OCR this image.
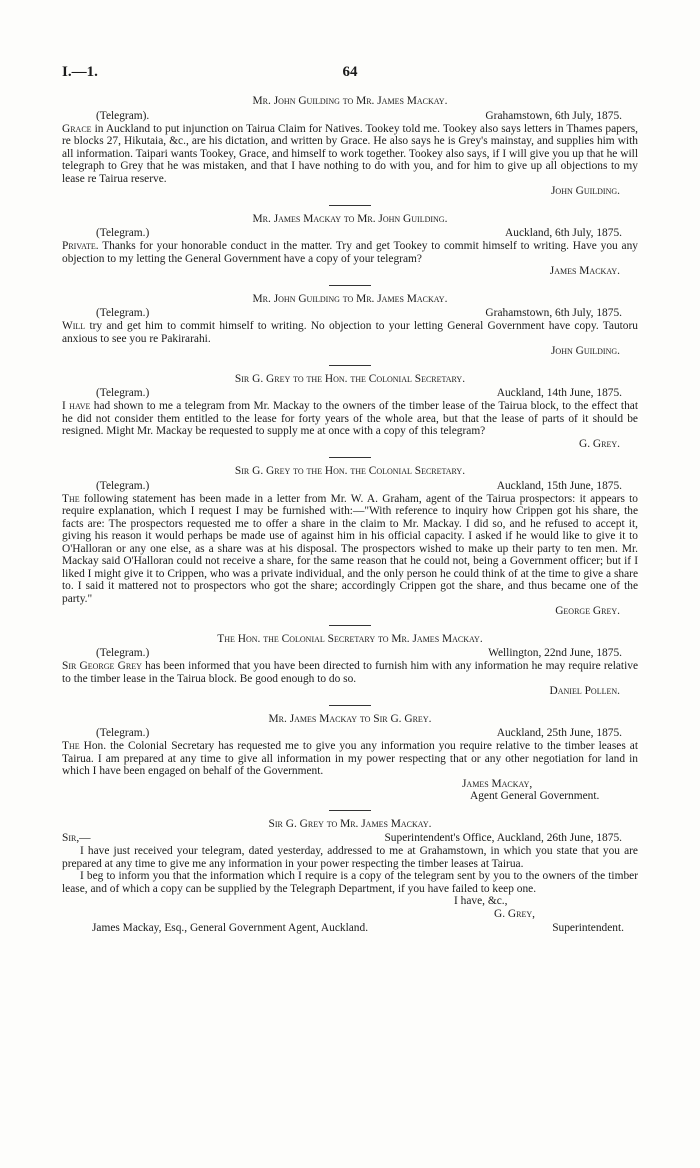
I.—1.	64
Mr. John Guilding to Mr. James Mackay.
(Telegram).	Grahamstown, 6th July, 1875.

Grace in Auckland to put injunction on Tairua Claim for Natives. Tookey told me. Tookey also says letters in Thames papers, re blocks 27, Hikutaia, &c., are his dictation, and written by Grace. He also says he is Grey's mainstay, and supplies him with all information. Taipari wants Tookey, Grace, and himself to work together. Tookey also says, if I will give you up that he will telegraph to Grey that he was mistaken, and that I have nothing to do with you, and for him to give up all objections to my lease re Tairua reserve.

John Guilding.
Mr. James Mackay to Mr. John Guilding.
(Telegram.)	Auckland, 6th July, 1875.

Private. Thanks for your honorable conduct in the matter. Try and get Tookey to commit himself to writing. Have you any objection to my letting the General Government have a copy of your telegram?

James Mackay.
Mr. John Guilding to Mr. James Mackay.
(Telegram.)	Grahamstown, 6th July, 1875.

Will try and get him to commit himself to writing. No objection to your letting General Government have copy. Tautoru anxious to see you re Pakirarahi.

John Guilding.
Sir G. Grey to the Hon. the Colonial Secretary.
(Telegram.)	Auckland, 14th June, 1875.

I have had shown to me a telegram from Mr. Mackay to the owners of the timber lease of the Tairua block, to the effect that he did not consider them entitled to the lease for forty years of the whole area, but that the lease of parts of it should be resigned. Might Mr. Mackay be requested to supply me at once with a copy of this telegram?

G. Grey.
Sir G. Grey to the Hon. the Colonial Secretary.
(Telegram.)	Auckland, 15th June, 1875.

The following statement has been made in a letter from Mr. W. A. Graham, agent of the Tairua prospectors: it appears to require explanation, which I request I may be furnished with:—"With reference to inquiry how Crippen got his share, the facts are: The prospectors requested me to offer a share in the claim to Mr. Mackay. I did so, and he refused to accept it, giving his reason it would perhaps be made use of against him in his official capacity. I asked if he would like to give it to O'Halloran or any one else, as a share was at his disposal. The prospectors wished to make up their party to ten men. Mr. Mackay said O'Halloran could not receive a share, for the same reason that he could not, being a Government officer; but if I liked I might give it to Crippen, who was a private individual, and the only person he could think of at the time to give a share to. I said it mattered not to prospectors who got the share; accordingly Crippen got the share, and thus became one of the party."

George Grey.
The Hon. the Colonial Secretary to Mr. James Mackay.
(Telegram.)	Wellington, 22nd June, 1875.

Sir George Grey has been informed that you have been directed to furnish him with any information he may require relative to the timber lease in the Tairua block. Be good enough to do so.

Daniel Pollen.
Mr. James Mackay to Sir G. Grey.
(Telegram.)	Auckland, 25th June, 1875.

The Hon. the Colonial Secretary has requested me to give you any information you require relative to the timber leases at Tairua. I am prepared at any time to give all information in my power respecting that or any other negotiation for land in which I have been engaged on behalf of the Government.

James Mackay,
Agent General Government.
Sir G. Grey to Mr. James Mackay.
Sir,—	Superintendent's Office, Auckland, 26th June, 1875.

I have just received your telegram, dated yesterday, addressed to me at Grahamstown, in which you state that you are prepared at any time to give me any information in your power respecting the timber leases at Tairua.

I beg to inform you that the information which I require is a copy of the telegram sent by you to the owners of the timber lease, and of which a copy can be supplied by the Telegraph Department, if you have failed to keep one.

I have, &c.,
G. Grey,
James Mackay, Esq., General Government Agent, Auckland.	Superintendent.
